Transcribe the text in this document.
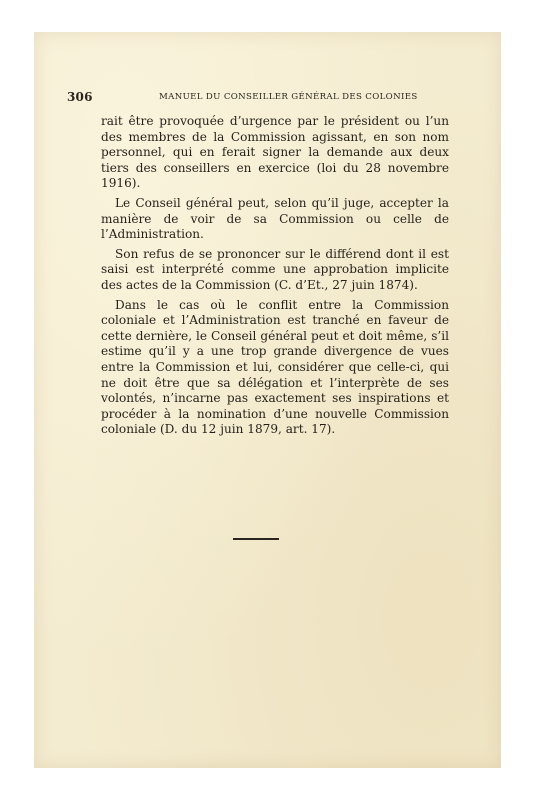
306	MANUEL DU CONSEILLER GÉNÉRAL DES COLONIES

rait être provoquée d’urgence par le président ou l’un des membres de la Commission agissant, en son nom personnel, qui en ferait signer la demande aux deux tiers des conseillers en exercice (loi du 28 novembre 1916).

Le Conseil général peut, selon qu’il juge, accepter la manière de voir de sa Commission ou celle de l’Administration.

Son refus de se prononcer sur le différend dont il est saisi est interprété comme une approbation implicite des actes de la Commission (C. d’Et., 27 juin 1874).

Dans le cas où le conflit entre la Commission coloniale et l’Administration est tranché en faveur de cette dernière, le Conseil général peut et doit même, s’il estime qu’il y a une trop grande divergence de vues entre la Commission et lui, considérer que celle-ci, qui ne doit être que sa délégation et l’interprète de ses volontés, n’incarne pas exactement ses inspirations et procéder à la nomination d’une nouvelle Commission coloniale (D. du 12 juin 1879, art. 17).
